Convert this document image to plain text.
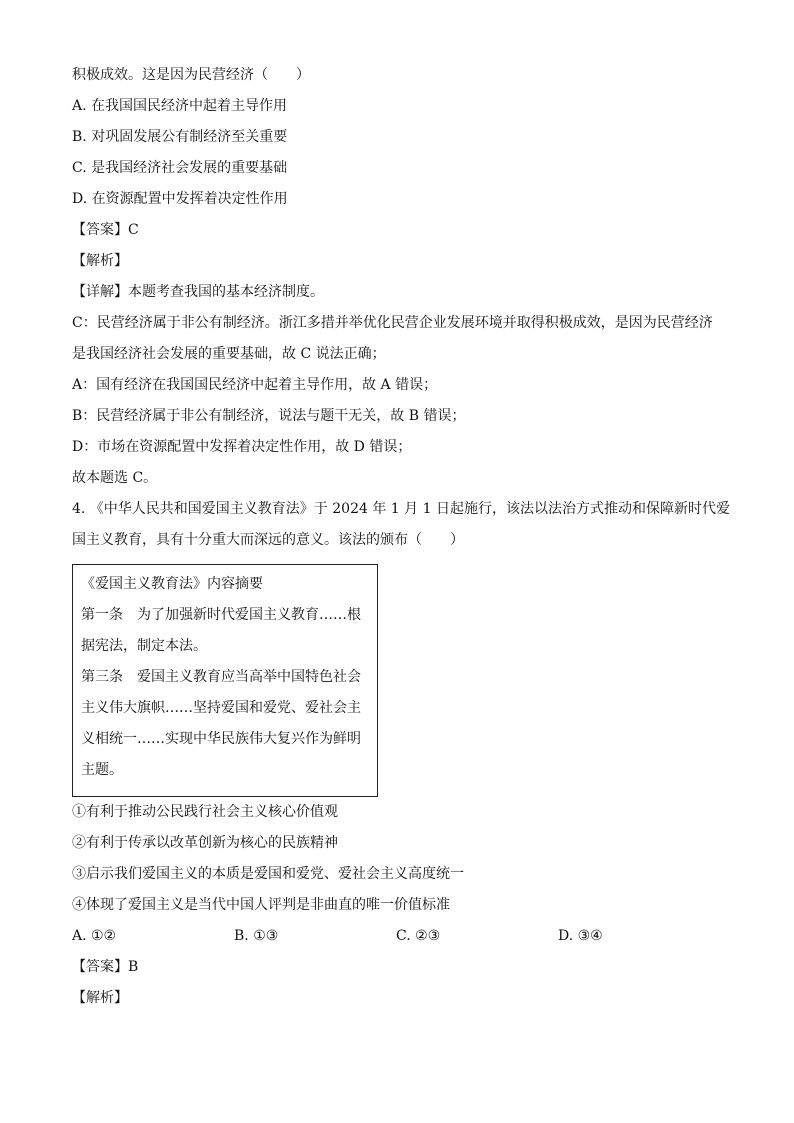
积极成效。这是因为民营经济（　　）
A. 在我国国民经济中起着主导作用
B. 对巩固发展公有制经济至关重要
C. 是我国经济社会发展的重要基础
D. 在资源配置中发挥着决定性作用
【答案】C
【解析】
【详解】本题考查我国的基本经济制度。
C：民营经济属于非公有制经济。浙江多措并举优化民营企业发展环境并取得积极成效，是因为民营经济
是我国经济社会发展的重要基础，故 C 说法正确；
A：国有经济在我国国民经济中起着主导作用，故 A 错误；
B：民营经济属于非公有制经济，说法与题干无关，故 B 错误；
D：市场在资源配置中发挥着决定性作用，故 D 错误；
故本题选 C。
4. 《中华人民共和国爱国主义教育法》于 2024 年 1 月 1 日起施行，该法以法治方式推动和保障新时代爱
国主义教育，具有十分重大而深远的意义。该法的颁布（　　）
《爱国主义教育法》内容摘要
第一条　为了加强新时代爱国主义教育……根
据宪法，制定本法。
第三条　爱国主义教育应当高举中国特色社会
主义伟大旗帜……坚持爱国和爱党、爱社会主
义相统一……实现中华民族伟大复兴作为鲜明
主题。
①有利于推动公民践行社会主义核心价值观
②有利于传承以改革创新为核心的民族精神
③启示我们爱国主义的本质是爱国和爱党、爱社会主义高度统一
④体现了爱国主义是当代中国人评判是非曲直的唯一价值标准
A. ①②	B. ①③	C. ②③	D. ③④
【答案】B
【解析】
